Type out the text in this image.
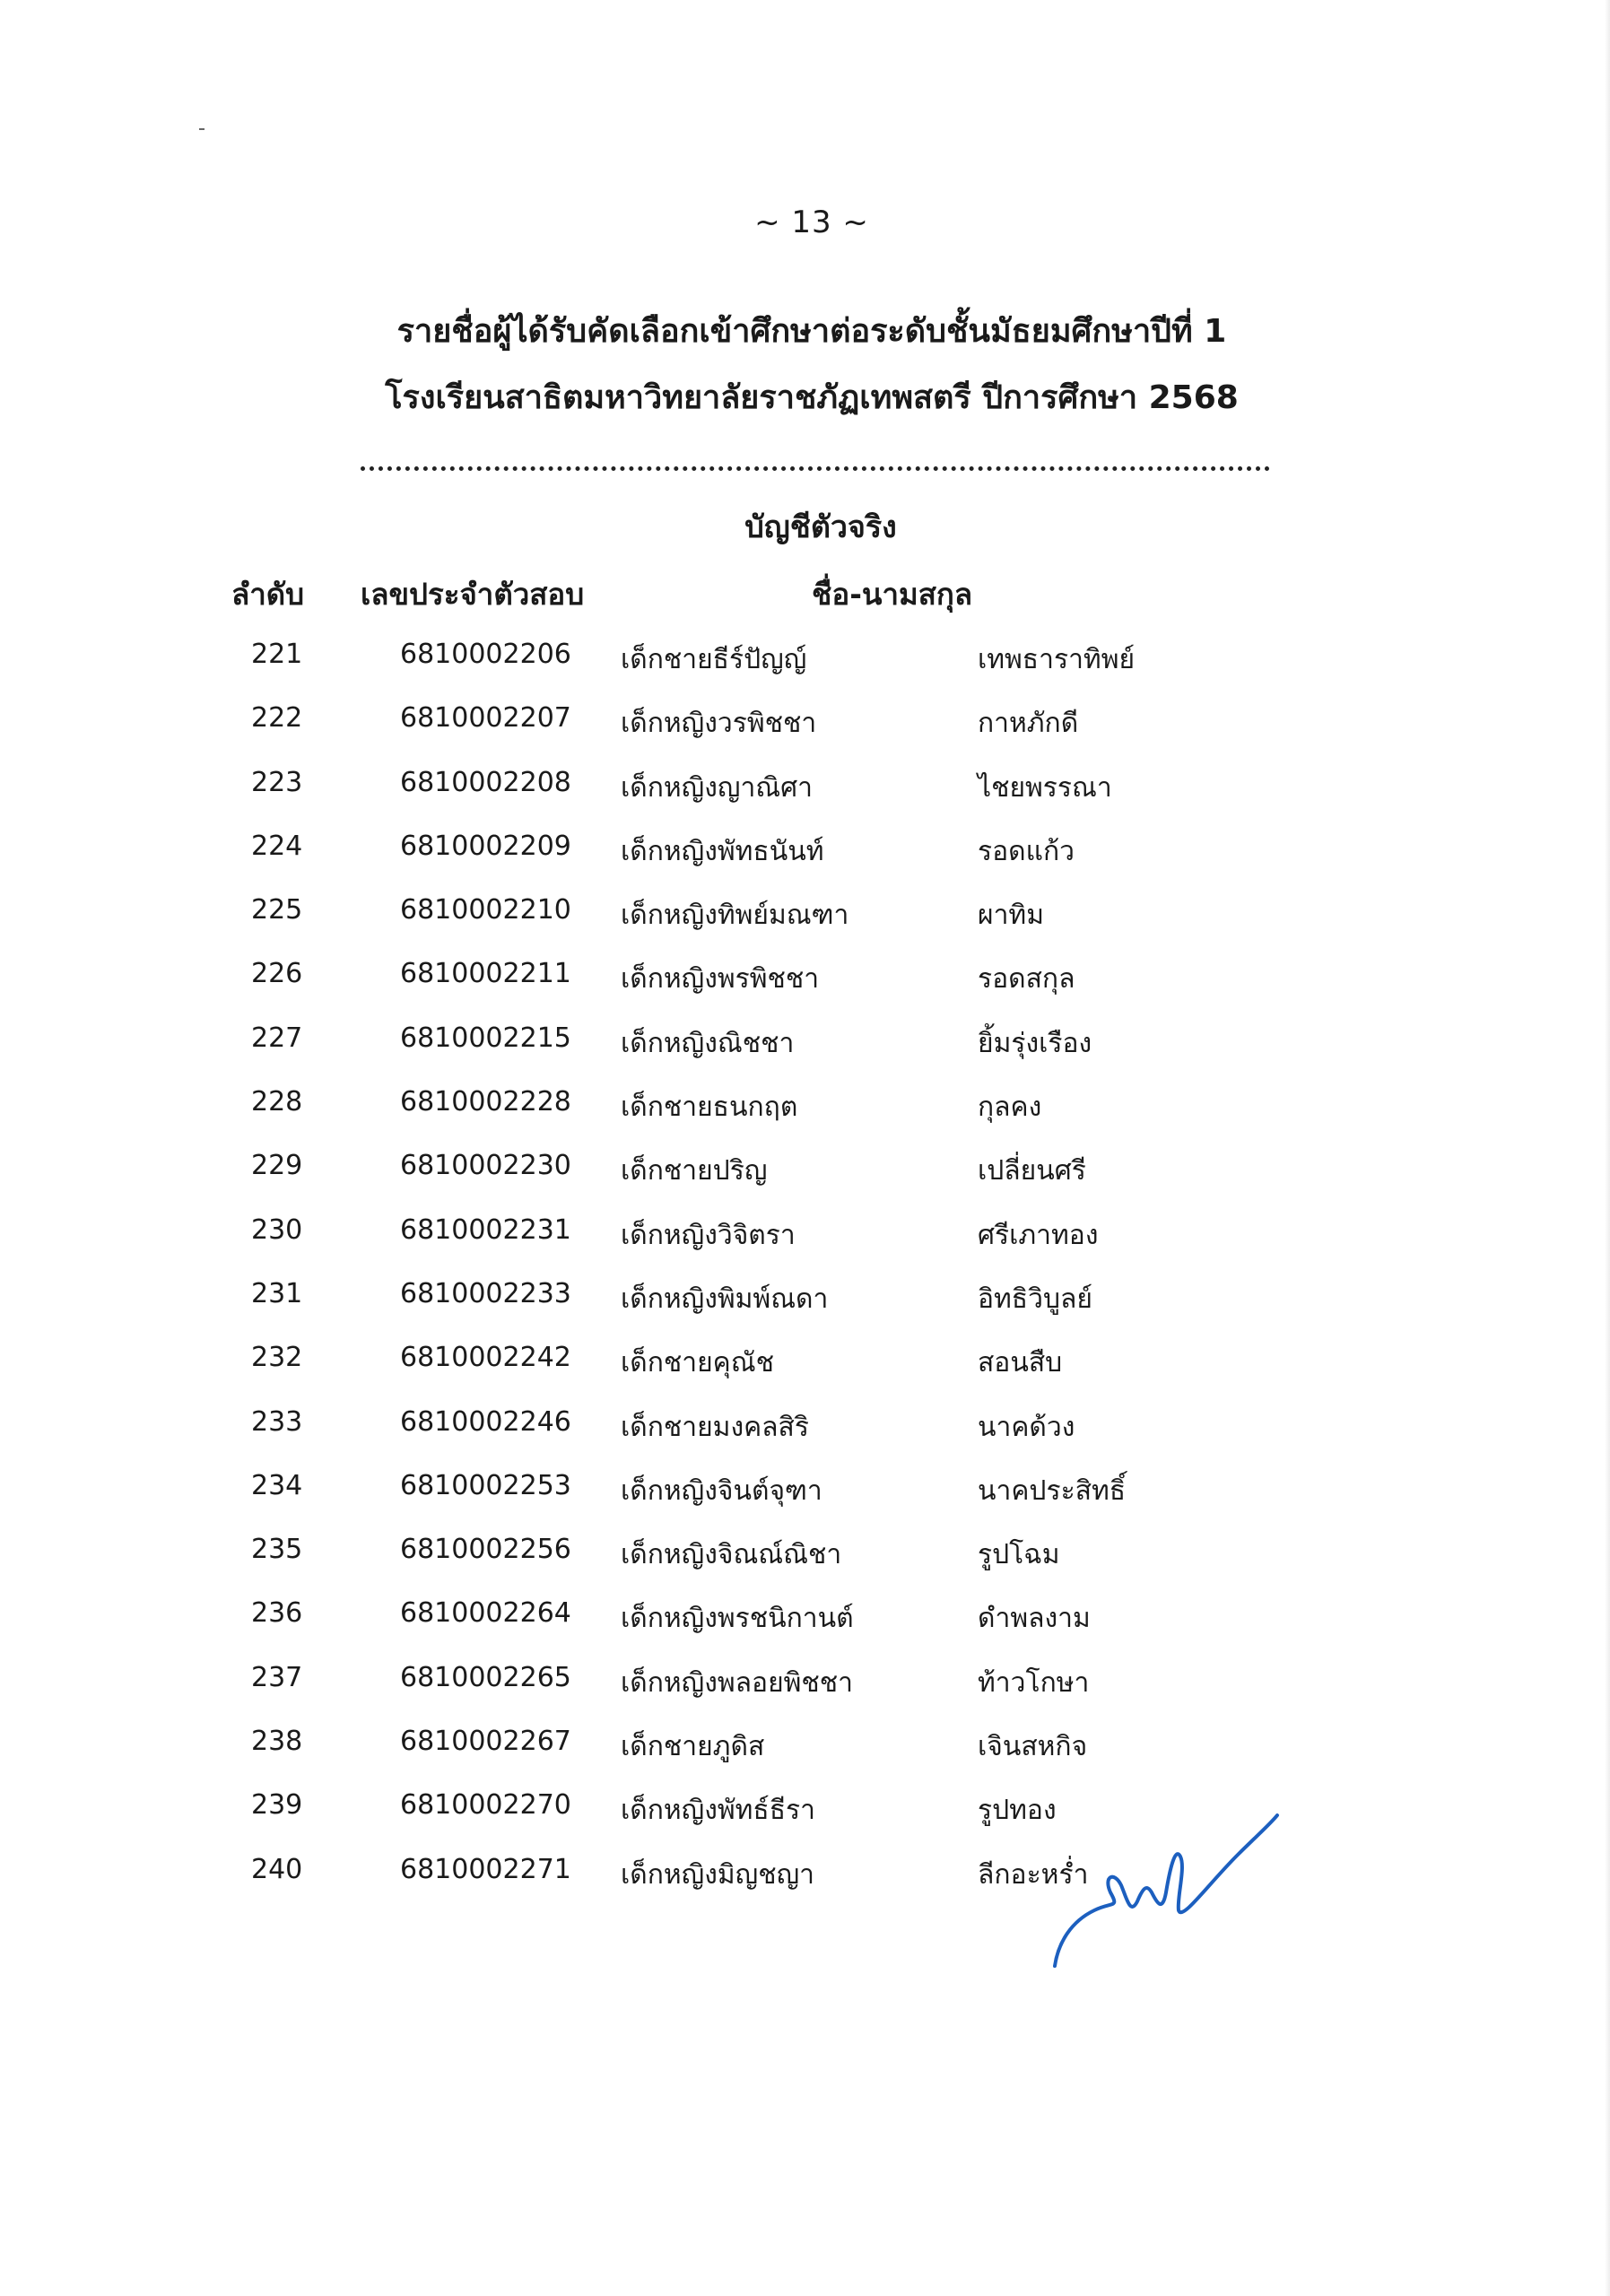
~ 13 ~
รายชื่อผู้ได้รับคัดเลือกเข้าศึกษาต่อระดับชั้นมัธยมศึกษาปีที่ 1
โรงเรียนสาธิตมหาวิทยาลัยราชภัฏเทพสตรี ปีการศึกษา 2568
บัญชีตัวจริง
ลำดับ เลขประจำตัวสอบ	ชื่อ-นามสกุล
221	6810002206 เด็กชายธีร์ปัญญ์	เทพธาราทิพย์
222	6810002207 เด็กหญิงวรพิชชา	กาหภักดี
223	6810002208 เด็กหญิงญาณิศา	ไชยพรรณา
224	6810002209 เด็กหญิงพัทธนันท์	รอดแก้ว
225	6810002210 เด็กหญิงทิพย์มณฑา	ผาทิม
226	6810002211 เด็กหญิงพรพิชชา	รอดสกุล
227	6810002215 เด็กหญิงณิชชา	ยิ้มรุ่งเรือง
228	6810002228 เด็กชายธนกฤต	กุลคง
229	6810002230 เด็กชายปริญ	เปลี่ยนศรี
230	6810002231 เด็กหญิงวิจิตรา	ศรีเภาทอง
231	6810002233 เด็กหญิงพิมพ์ณดา	อิทธิวิบูลย์
232	6810002242 เด็กชายคุณัช	สอนสืบ
233	6810002246 เด็กชายมงคลสิริ	นาคด้วง
234	6810002253 เด็กหญิงจินต์จุฑา	นาคประสิทธิ์
235	6810002256 เด็กหญิงจิณณ์ณิชา	รูปโฉม
236	6810002264 เด็กหญิงพรชนิกานต์	ดำพลงาม
237	6810002265 เด็กหญิงพลอยพิชชา	ท้าวโกษา
238	6810002267 เด็กชายภูดิส	เจินสหกิจ
239	6810002270 เด็กหญิงพัทธ์ธีรา	รูปทอง
240	6810002271 เด็กหญิงมิญชญา	ลีกอะหร่ำ
